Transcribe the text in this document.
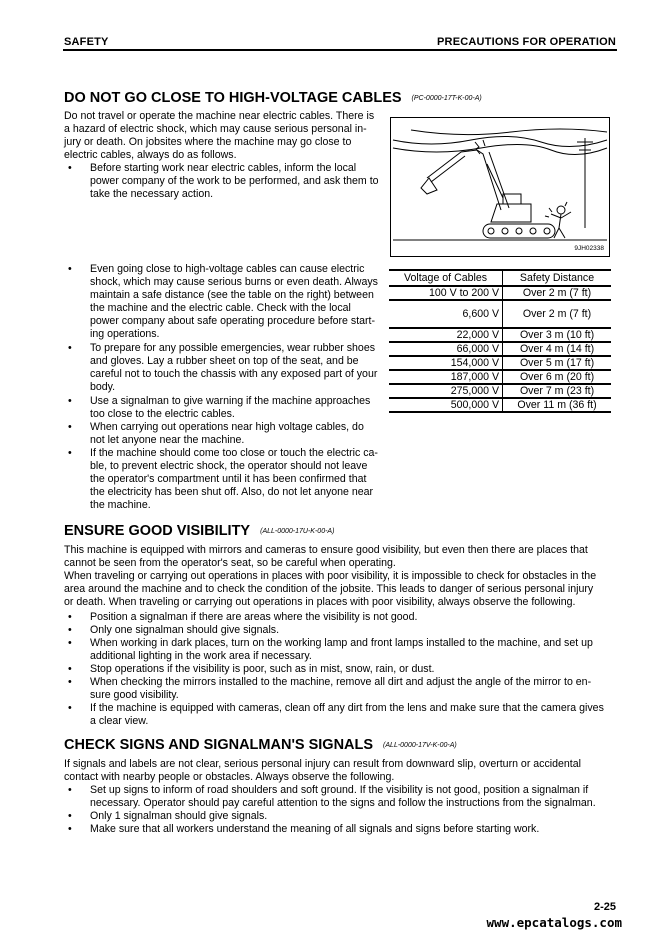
SAFETY	PRECAUTIONS FOR OPERATION
DO NOT GO CLOSE TO HIGH-VOLTAGE CABLES (PC-0000-17T-K-00-A)
Do not travel or operate the machine near electric cables. There is
a hazard of electric shock, which may cause serious personal in-
jury or death. On jobsites where the machine may go close to
electric cables, always do as follows.
• Before starting work near electric cables, inform the local
power company of the work to be performed, and ask them to
take the necessary action.
9JH02338
• Even going close to high-voltage cables can cause electric
shock, which may cause serious burns or even death. Always
maintain a safe distance (see the table on the right) between
the machine and the electric cable. Check with the local
power company about safe operating procedure before start-
ing operations.
• To prepare for any possible emergencies, wear rubber shoes
and gloves. Lay a rubber sheet on top of the seat, and be
careful not to touch the chassis with any exposed part of your
body.
• Use a signalman to give warning if the machine approaches
too close to the electric cables.
• When carrying out operations near high voltage cables, do
not let anyone near the machine.
• If the machine should come too close or touch the electric ca-
ble, to prevent electric shock, the operator should not leave
the operator's compartment until it has been confirmed that
the electricity has been shut off. Also, do not let anyone near
the machine.
Voltage of Cables	Safety Distance
100 V to 200 V	Over 2 m (7 ft)
6,600 V	Over 2 m (7 ft)
22,000 V	Over 3 m (10 ft)
66,000 V	Over 4 m (14 ft)
154,000 V	Over 5 m (17 ft)
187,000 V	Over 6 m (20 ft)
275,000 V	Over 7 m (23 ft)
500,000 V	Over 11 m (36 ft)
ENSURE GOOD VISIBILITY (ALL-0000-17U-K-00-A)
This machine is equipped with mirrors and cameras to ensure good visibility, but even then there are places that
cannot be seen from the operator's seat, so be careful when operating.
When traveling or carrying out operations in places with poor visibility, it is impossible to check for obstacles in the
area around the machine and to check the condition of the jobsite. This leads to danger of serious personal injury
or death. When traveling or carrying out operations in places with poor visibility, always observe the following.
• Position a signalman if there are areas where the visibility is not good.
• Only one signalman should give signals.
• When working in dark places, turn on the working lamp and front lamps installed to the machine, and set up
additional lighting in the work area if necessary.
• Stop operations if the visibility is poor, such as in mist, snow, rain, or dust.
• When checking the mirrors installed to the machine, remove all dirt and adjust the angle of the mirror to en-
sure good visibility.
• If the machine is equipped with cameras, clean off any dirt from the lens and make sure that the camera gives
a clear view.
CHECK SIGNS AND SIGNALMAN'S SIGNALS (ALL-0000-17V-K-00-A)
If signals and labels are not clear, serious personal injury can result from downward slip, overturn or accidental
contact with nearby people or obstacles. Always observe the following.
• Set up signs to inform of road shoulders and soft ground. If the visibility is not good, position a signalman if
necessary. Operator should pay careful attention to the signs and follow the instructions from the signalman.
• Only 1 signalman should give signals.
• Make sure that all workers understand the meaning of all signals and signs before starting work.
2-25
www.epcatalogs.com
